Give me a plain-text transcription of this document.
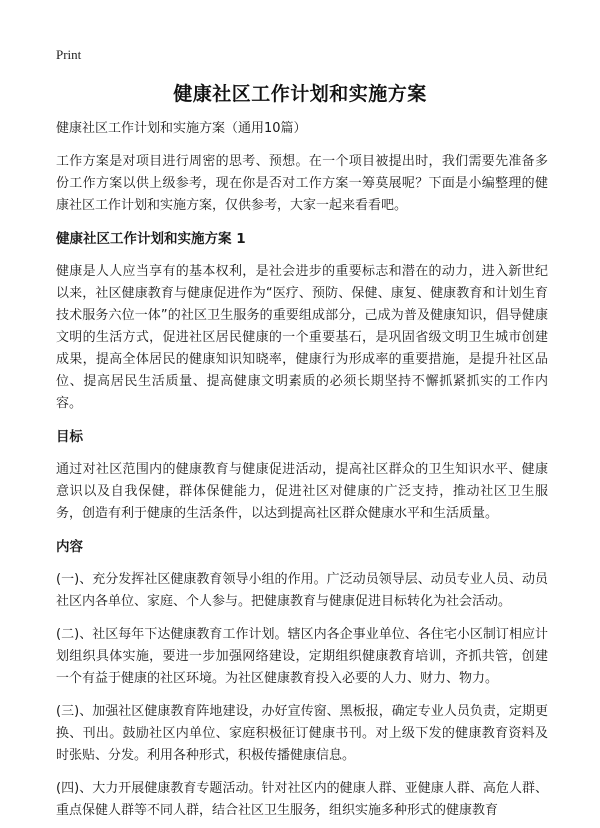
Print
健康社区工作计划和实施方案

健康社区工作计划和实施方案（通用10篇）

工作方案是对项目进行周密的思考、预想。在一个项目被提出时，我们需要先准备多份工作方案以供上级参考，现在你是否对工作方案一筹莫展呢？下面是小编整理的健康社区工作计划和实施方案，仅供参考，大家一起来看看吧。

健康社区工作计划和实施方案 1

健康是人人应当享有的基本权利，是社会进步的重要标志和潜在的动力，进入新世纪以来，社区健康教育与健康促进作为“医疗、预防、保健、康复、健康教育和计划生育技术服务六位一体”的社区卫生服务的重要组成部分，己成为普及健康知识，倡导健康文明的生活方式，促进社区居民健康的一个重要基石，是巩固省级文明卫生城市创建成果，提高全体居民的健康知识知晓率，健康行为形成率的重要措施，是提升社区品位、提高居民生活质量、提高健康文明素质的必须长期坚持不懈抓紧抓实的工作内容。

目标

通过对社区范围内的健康教育与健康促进活动，提高社区群众的卫生知识水平、健康意识以及自我保健，群体保健能力，促进社区对健康的广泛支持，推动社区卫生服务，创造有利于健康的生活条件，以达到提高社区群众健康水平和生活质量。

内容

(一)、充分发挥社区健康教育领导小组的作用。广泛动员领导层、动员专业人员、动员社区内各单位、家庭、个人参与。把健康教育与健康促进目标转化为社会活动。

(二)、社区每年下达健康教育工作计划。辖区内各企事业单位、各住宅小区制订相应计划组织具体实施，要进一步加强网络建设，定期组织健康教育培训，齐抓共管，创建一个有益于健康的社区环境。为社区健康教育投入必要的人力、财力、物力。

(三)、加强社区健康教育阵地建设，办好宣传窗、黑板报，确定专业人员负责，定期更换、刊出。鼓励社区内单位、家庭积极征订健康书刊。对上级下发的健康教育资料及时张贴、分发。利用各种形式，积极传播健康信息。

(四)、大力开展健康教育专题活动。针对社区内的健康人群、亚健康人群、高危人群、重点保健人群等不同人群，结合社区卫生服务，组织实施多种形式的健康教育
